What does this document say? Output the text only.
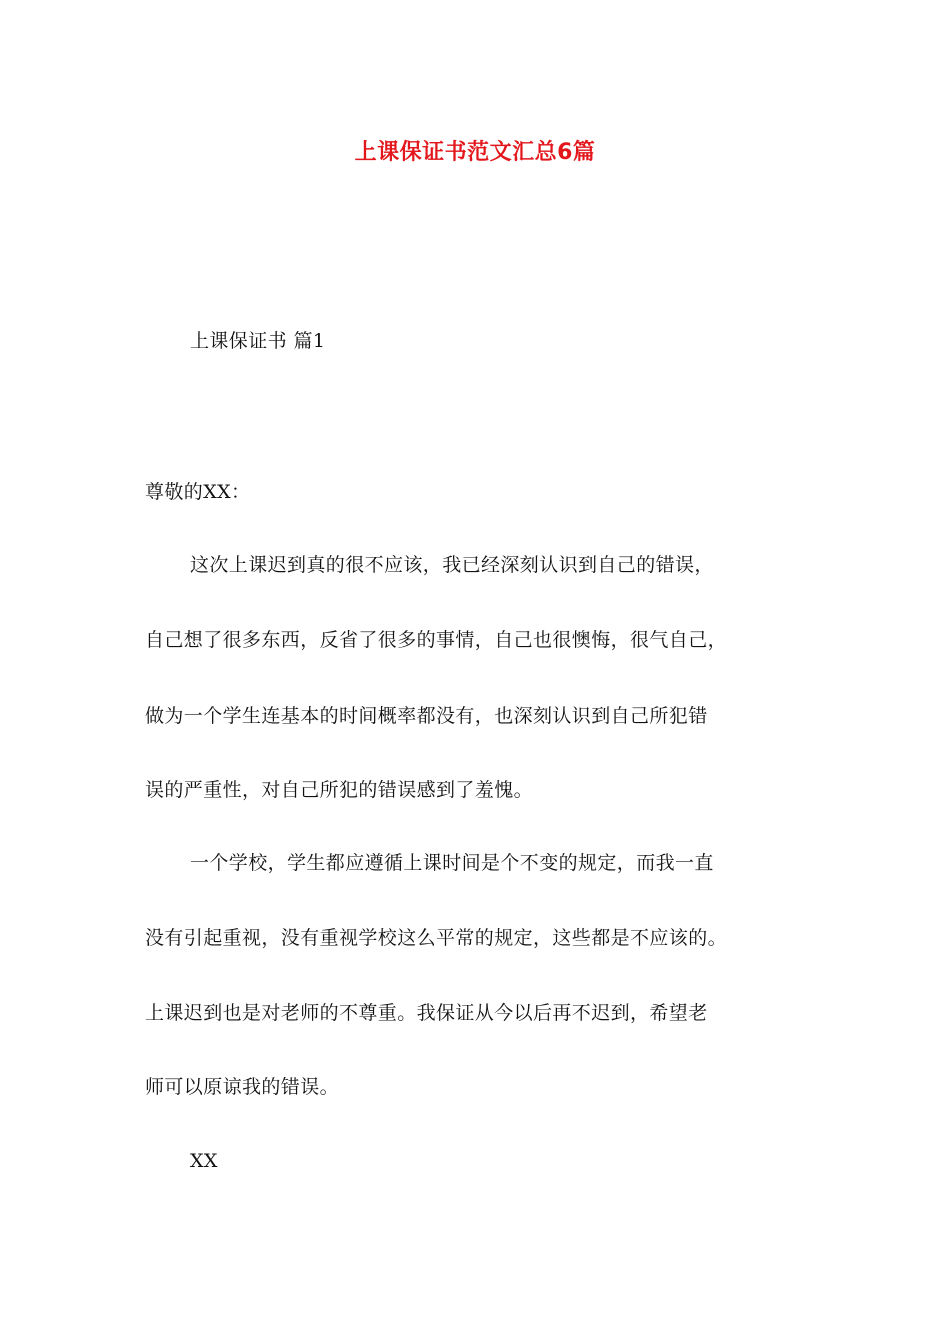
上课保证书范文汇总6篇
上课保证书 篇1
尊敬的XX：
这次上课迟到真的很不应该，我已经深刻认识到自己的错误，
自己想了很多东西，反省了很多的事情，自己也很懊悔，很气自己，
做为一个学生连基本的时间概率都没有，也深刻认识到自己所犯错
误的严重性，对自己所犯的错误感到了羞愧。
一个学校，学生都应遵循上课时间是个不变的规定，而我一直
没有引起重视，没有重视学校这么平常的规定，这些都是不应该的。
上课迟到也是对老师的不尊重。我保证从今以后再不迟到，希望老
师可以原谅我的错误。
XX
